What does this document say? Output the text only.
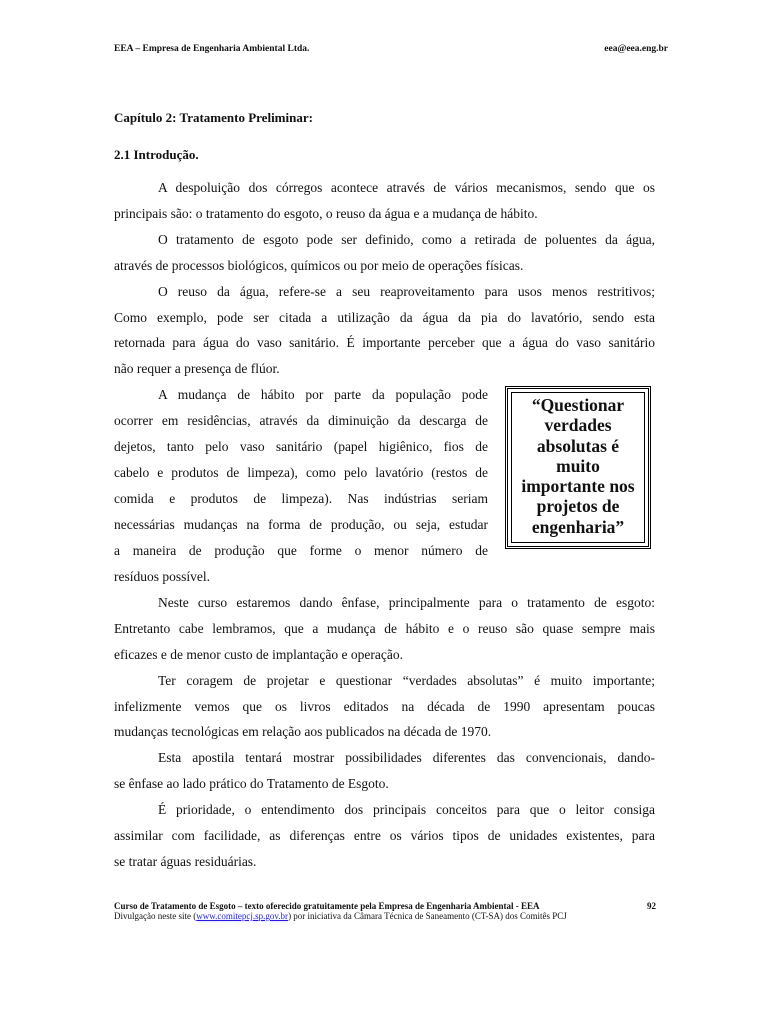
EEA – Empresa de Engenharia Ambiental Ltda.	eea@eea.eng.br
Capítulo 2: Tratamento Preliminar:
2.1 Introdução.
A despoluição dos córregos acontece através de vários mecanismos, sendo que os
principais são: o tratamento do esgoto, o reuso da água e a mudança de hábito.
O tratamento de esgoto pode ser definido, como a retirada de poluentes da água,
através de processos biológicos, químicos ou por meio de operações físicas.
O reuso da água, refere-se a seu reaproveitamento para usos menos restritivos;
Como exemplo, pode ser citada a utilização da água da pia do lavatório, sendo esta
retornada para água do vaso sanitário. É importante perceber que a água do vaso sanitário
não requer a presença de flúor.
A mudança de hábito por parte da população pode
ocorrer em residências, através da diminuição da descarga de
dejetos, tanto pelo vaso sanitário (papel higiênico, fios de
cabelo e produtos de limpeza), como pelo lavatório (restos de
comida e produtos de limpeza). Nas indústrias seriam
necessárias mudanças na forma de produção, ou seja, estudar
a maneira de produção que forme o menor número de
resíduos possível.
“Questionar
verdades
absolutas é
muito
importante nos
projetos de
engenharia”
Neste curso estaremos dando ênfase, principalmente para o tratamento de esgoto:
Entretanto cabe lembramos, que a mudança de hábito e o reuso são quase sempre mais
eficazes e de menor custo de implantação e operação.
Ter coragem de projetar e questionar “verdades absolutas” é muito importante;
infelizmente vemos que os livros editados na década de 1990 apresentam poucas
mudanças tecnológicas em relação aos publicados na década de 1970.
Esta apostila tentará mostrar possibilidades diferentes das convencionais, dando-
se ênfase ao lado prático do Tratamento de Esgoto.
É prioridade, o entendimento dos principais conceitos para que o leitor consiga
assimilar com facilidade, as diferenças entre os vários tipos de unidades existentes, para
se tratar águas residuárias.
Curso de Tratamento de Esgoto – texto oferecido gratuitamente pela Empresa de Engenharia Ambiental - EEA	92
Divulgação neste site (www.comitepcj.sp.gov.br) por iniciativa da Câmara Técnica de Saneamento (CT-SA) dos Comitês PCJ
